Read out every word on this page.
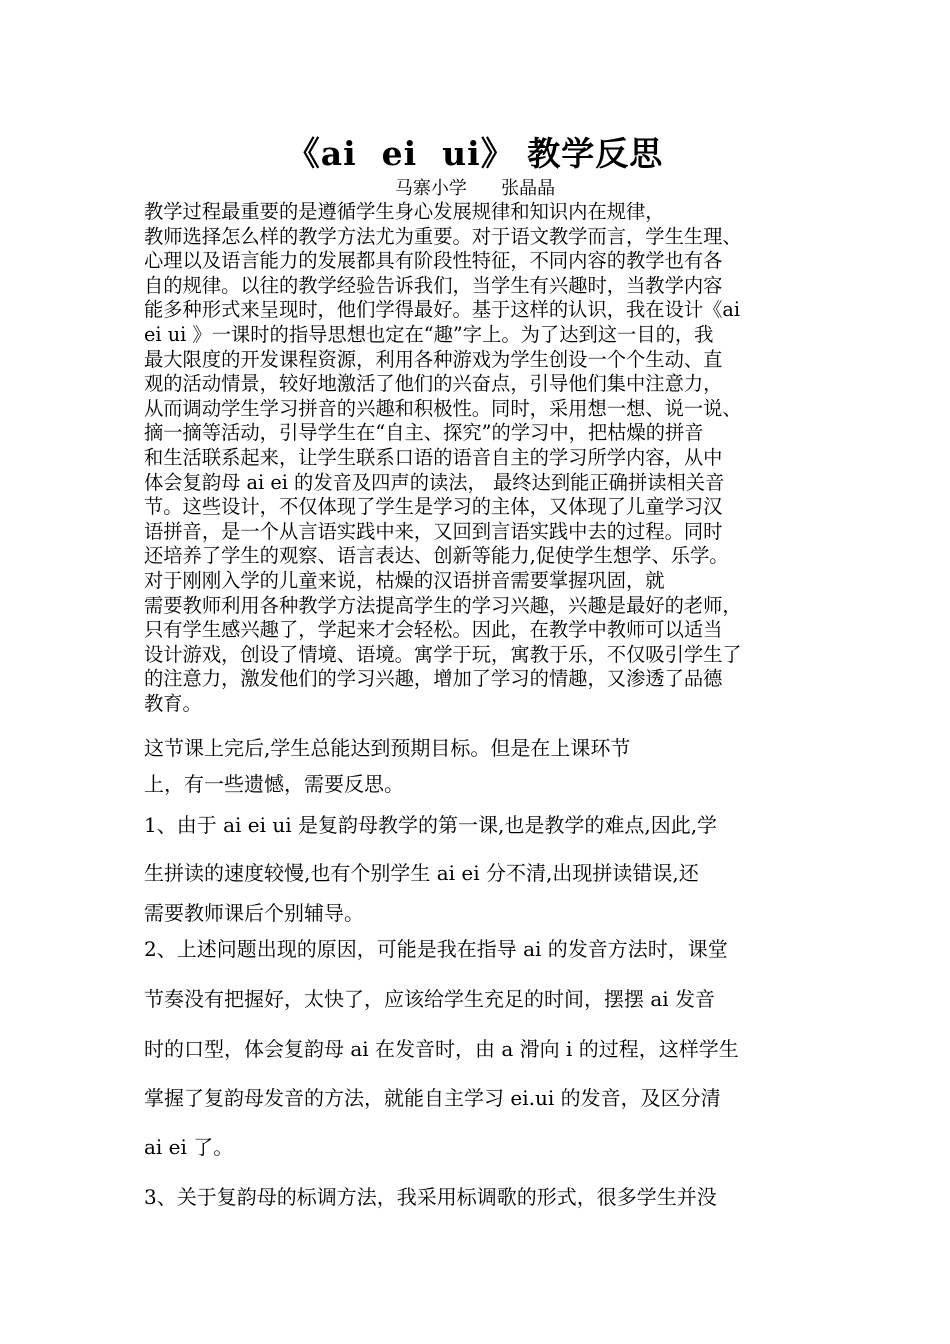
《ai  ei  ui》 教学反思
马寨小学      张晶晶
教学过程最重要的是遵循学生身心发展规律和知识内在规律，
教师选择怎么样的教学方法尤为重要。对于语文教学而言，学生生理、
心理以及语言能力的发展都具有阶段性特征，不同内容的教学也有各
自的规律。以往的教学经验告诉我们，当学生有兴趣时，当教学内容
能多种形式来呈现时，他们学得最好。基于这样的认识，我在设计《ai
ei ui 》一课时的指导思想也定在“趣”字上。为了达到这一目的，我
最大限度的开发课程资源，利用各种游戏为学生创设一个个生动、直
观的活动情景，较好地激活了他们的兴奋点，引导他们集中注意力，
从而调动学生学习拼音的兴趣和积极性。同时，采用想一想、说一说、
摘一摘等活动，引导学生在“自主、探究”的学习中，把枯燥的拼音
和生活联系起来，让学生联系口语的语音自主的学习所学内容，从中
体会复韵母 ai ei 的发音及四声的读法， 最终达到能正确拼读相关音
节。这些设计，不仅体现了学生是学习的主体，又体现了儿童学习汉
语拼音，是一个从言语实践中来，又回到言语实践中去的过程。同时
还培养了学生的观察、语言表达、创新等能力,促使学生想学、乐学。
对于刚刚入学的儿童来说，枯燥的汉语拼音需要掌握巩固，就
需要教师利用各种教学方法提高学生的学习兴趣，兴趣是最好的老师，
只有学生感兴趣了，学起来才会轻松。因此，在教学中教师可以适当
设计游戏，创设了情境、语境。寓学于玩，寓教于乐，不仅吸引学生了
的注意力，激发他们的学习兴趣，增加了学习的情趣，又渗透了品德
教育。
这节课上完后,学生总能达到预期目标。但是在上课环节
上，有一些遗憾，需要反思。
1、由于 ai ei ui 是复韵母教学的第一课,也是教学的难点,因此,学
生拼读的速度较慢,也有个别学生 ai ei 分不清,出现拼读错误,还
需要教师课后个别辅导。
2、上述问题出现的原因，可能是我在指导 ai 的发音方法时，课堂
节奏没有把握好，太快了，应该给学生充足的时间，摆摆 ai 发音
时的口型，体会复韵母 ai 在发音时，由 a 滑向 i 的过程，这样学生
掌握了复韵母发音的方法，就能自主学习 ei.ui 的发音，及区分清
ai ei 了。
3、关于复韵母的标调方法，我采用标调歌的形式，很多学生并没
